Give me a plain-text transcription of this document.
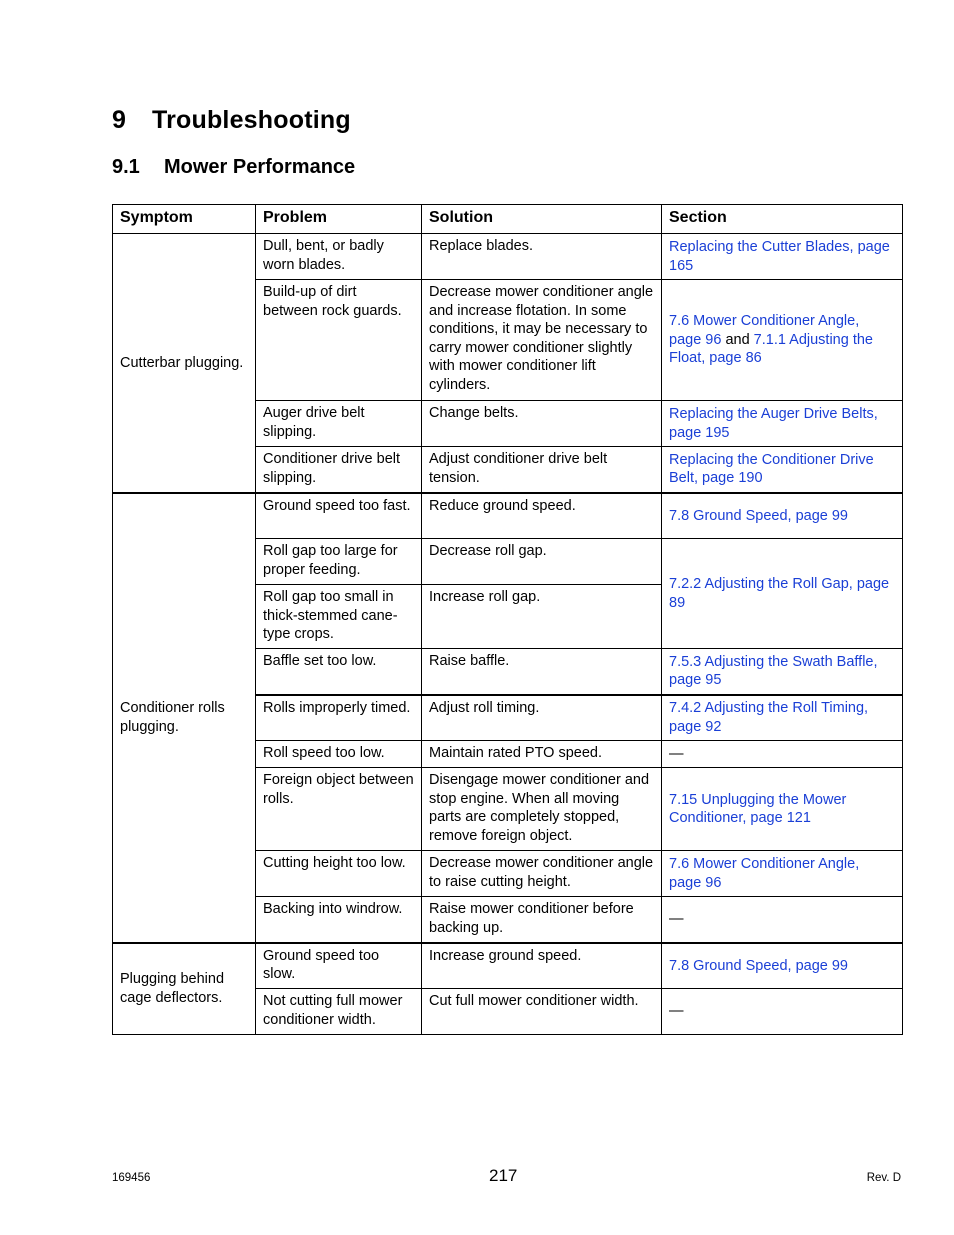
9 Troubleshooting
9.1 Mower Performance
Symptom	Problem	Solution	Section
Cutterbar plugging.	Dull, bent, or badly worn blades.	Replace blades.	Replacing the Cutter Blades, page 165
	Build-up of dirt between rock guards.	Decrease mower conditioner angle and increase flotation. In some conditions, it may be necessary to carry mower conditioner slightly with mower conditioner lift cylinders.	7.6 Mower Conditioner Angle, page 96 and 7.1.1 Adjusting the Float, page 86
	Auger drive belt slipping.	Change belts.	Replacing the Auger Drive Belts, page 195
	Conditioner drive belt slipping.	Adjust conditioner drive belt tension.	Replacing the Conditioner Drive Belt, page 190
Conditioner rolls plugging.	Ground speed too fast.	Reduce ground speed.	7.8 Ground Speed, page 99
	Roll gap too large for proper feeding.	Decrease roll gap.	7.2.2 Adjusting the Roll Gap, page 89
	Roll gap too small in thick-stemmed cane-type crops.	Increase roll gap.	
	Baffle set too low.	Raise baffle.	7.5.3 Adjusting the Swath Baffle, page 95
	Rolls improperly timed.	Adjust roll timing.	7.4.2 Adjusting the Roll Timing, page 92
	Roll speed too low.	Maintain rated PTO speed.	—
	Foreign object between rolls.	Disengage mower conditioner and stop engine. When all moving parts are completely stopped, remove foreign object.	7.15 Unplugging the Mower Conditioner, page 121
	Cutting height too low.	Decrease mower conditioner angle to raise cutting height.	7.6 Mower Conditioner Angle, page 96
	Backing into windrow.	Raise mower conditioner before backing up.	—
Plugging behind cage deflectors.	Ground speed too slow.	Increase ground speed.	7.8 Ground Speed, page 99
	Not cutting full mower conditioner width.	Cut full mower conditioner width.	—
169456	217	Rev. D
